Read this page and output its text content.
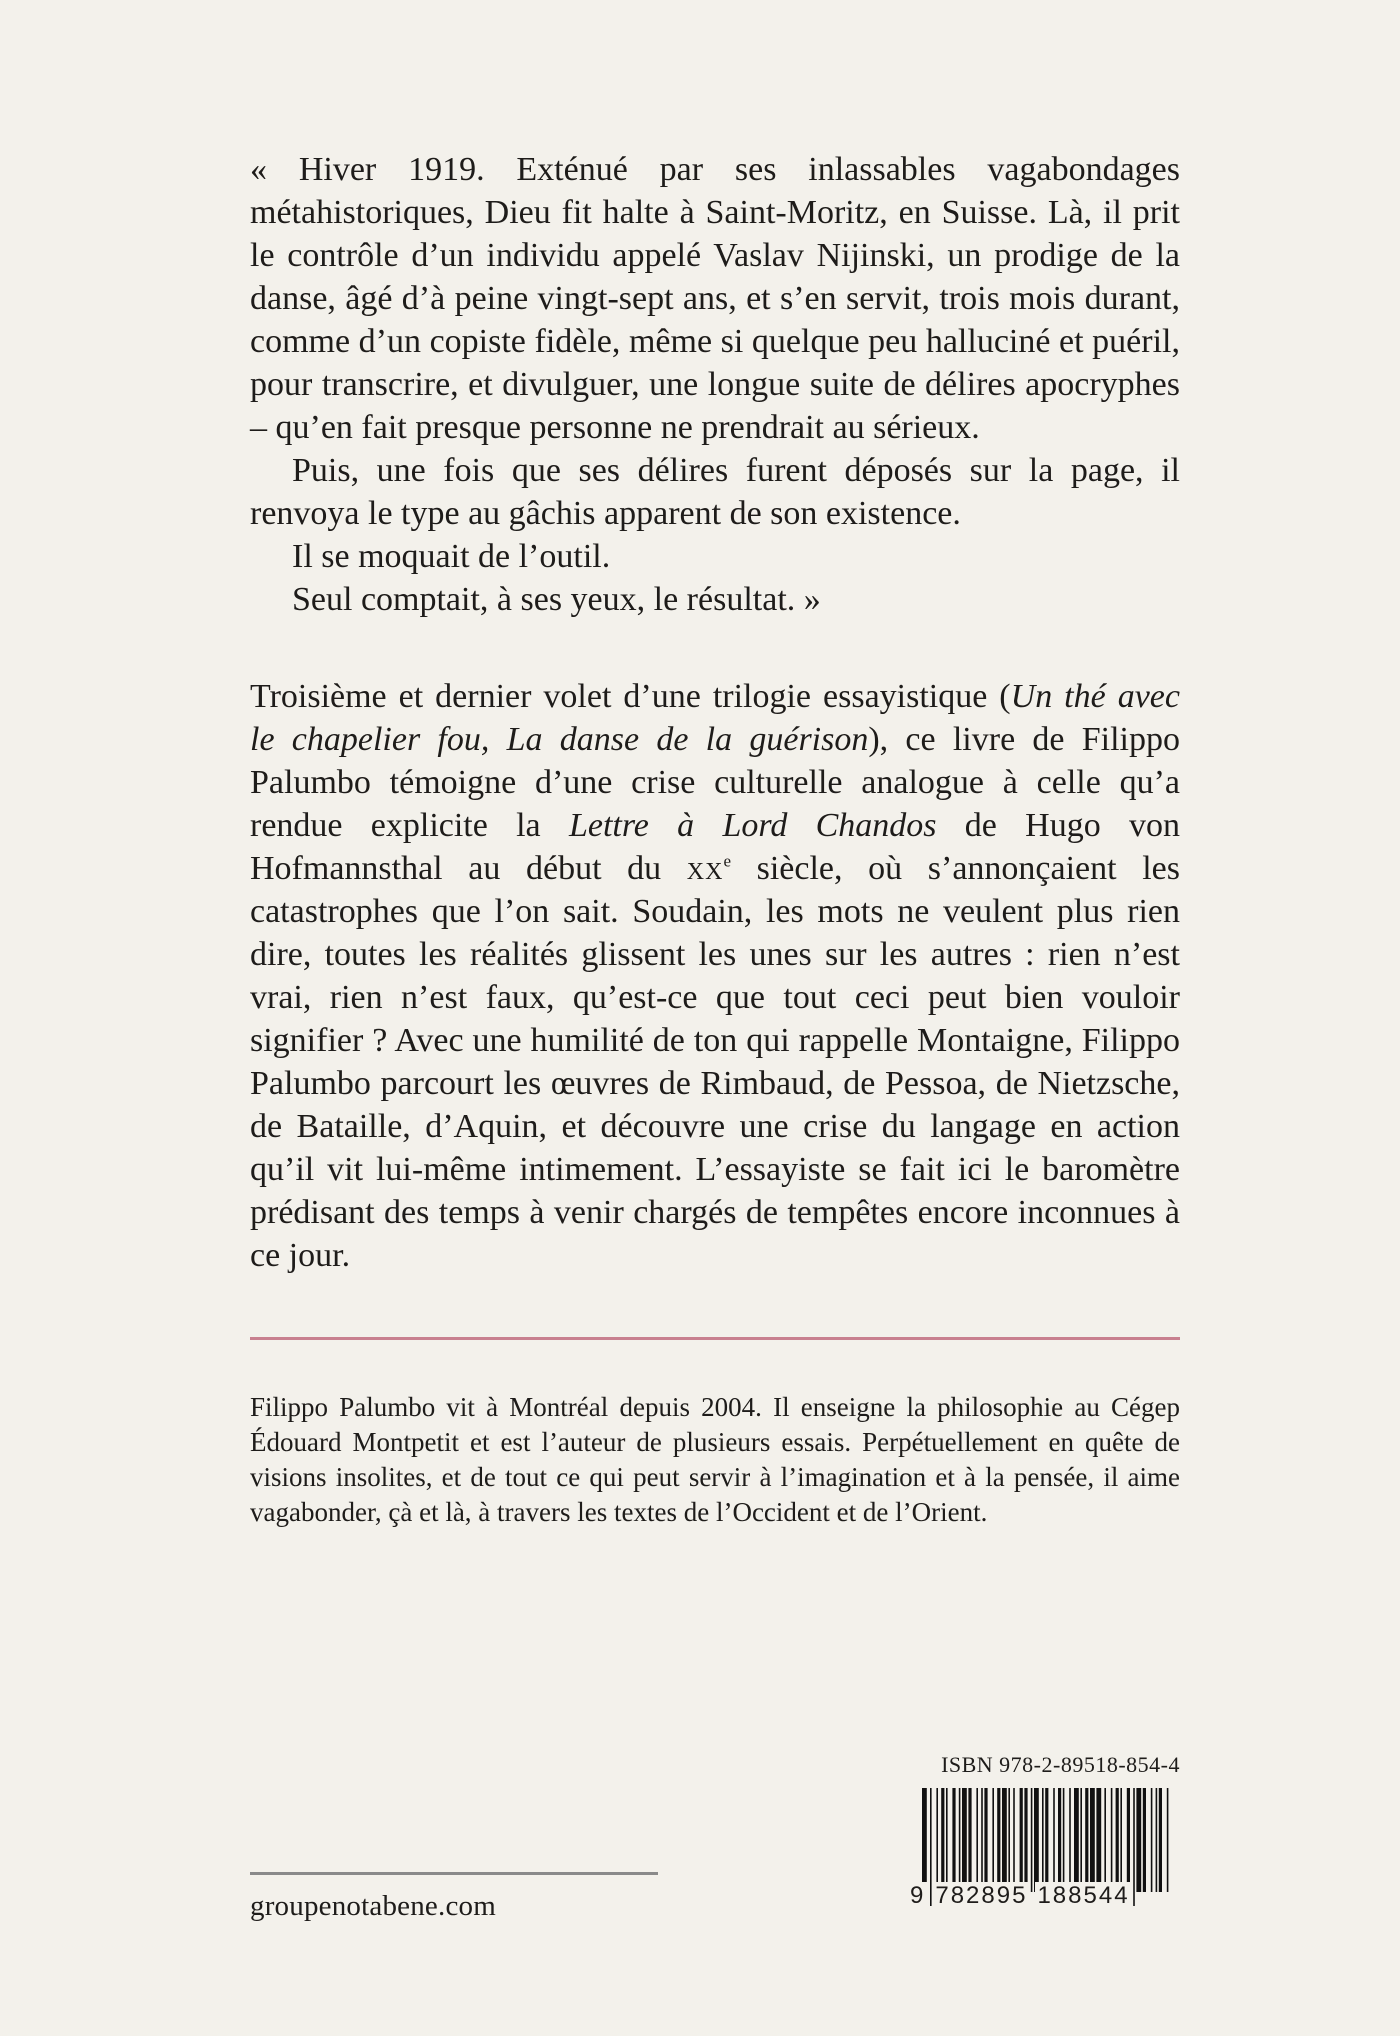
« Hiver 1919. Exténué par ses inlassables vagabondages métahistoriques, Dieu fit halte à Saint-Moritz, en Suisse. Là, il prit le contrôle d’un individu appelé Vaslav Nijinski, un prodige de la danse, âgé d’à peine vingt-sept ans, et s’en servit, trois mois durant, comme d’un copiste fidèle, même si quelque peu halluciné et puéril, pour transcrire, et divulguer, une longue suite de délires apocryphes – qu’en fait presque personne ne prendrait au sérieux.

Puis, une fois que ses délires furent déposés sur la page, il renvoya le type au gâchis apparent de son existence.

Il se moquait de l’outil.

Seul comptait, à ses yeux, le résultat. »

Troisième et dernier volet d’une trilogie essayistique (Un thé avec le chapelier fou, La danse de la guérison), ce livre de Filippo Palumbo témoigne d’une crise culturelle analogue à celle qu’a rendue explicite la Lettre à Lord Chandos de Hugo von Hofmannsthal au début du $xx^e$ siècle, où s’annonçaient les catastrophes que l’on sait. Soudain, les mots ne veulent plus rien dire, toutes les réalités glissent les unes sur les autres : rien n’est vrai, rien n’est faux, qu’est-ce que tout ceci peut bien vouloir signifier ? Avec une humilité de ton qui rappelle Montaigne, Filippo Palumbo parcourt les œuvres de Rimbaud, de Pessoa, de Nietzsche, de Bataille, d’Aquin, et découvre une crise du langage en action qu’il vit lui-même intimement. L’essayiste se fait ici le baromètre prédisant des temps à venir chargés de tempêtes encore inconnues à ce jour.

Filippo Palumbo vit à Montréal depuis 2004. Il enseigne la philosophie au Cégep Édouard Montpetit et est l’auteur de plusieurs essais. Perpétuellement en quête de visions insolites, et de tout ce qui peut servir à l’imagination et à la pensée, il aime vagabonder, çà et là, à travers les textes de l’Occident et de l’Orient.

ISBN 978-2-89518-854-4
9 782895 188544
groupenotabene.com
